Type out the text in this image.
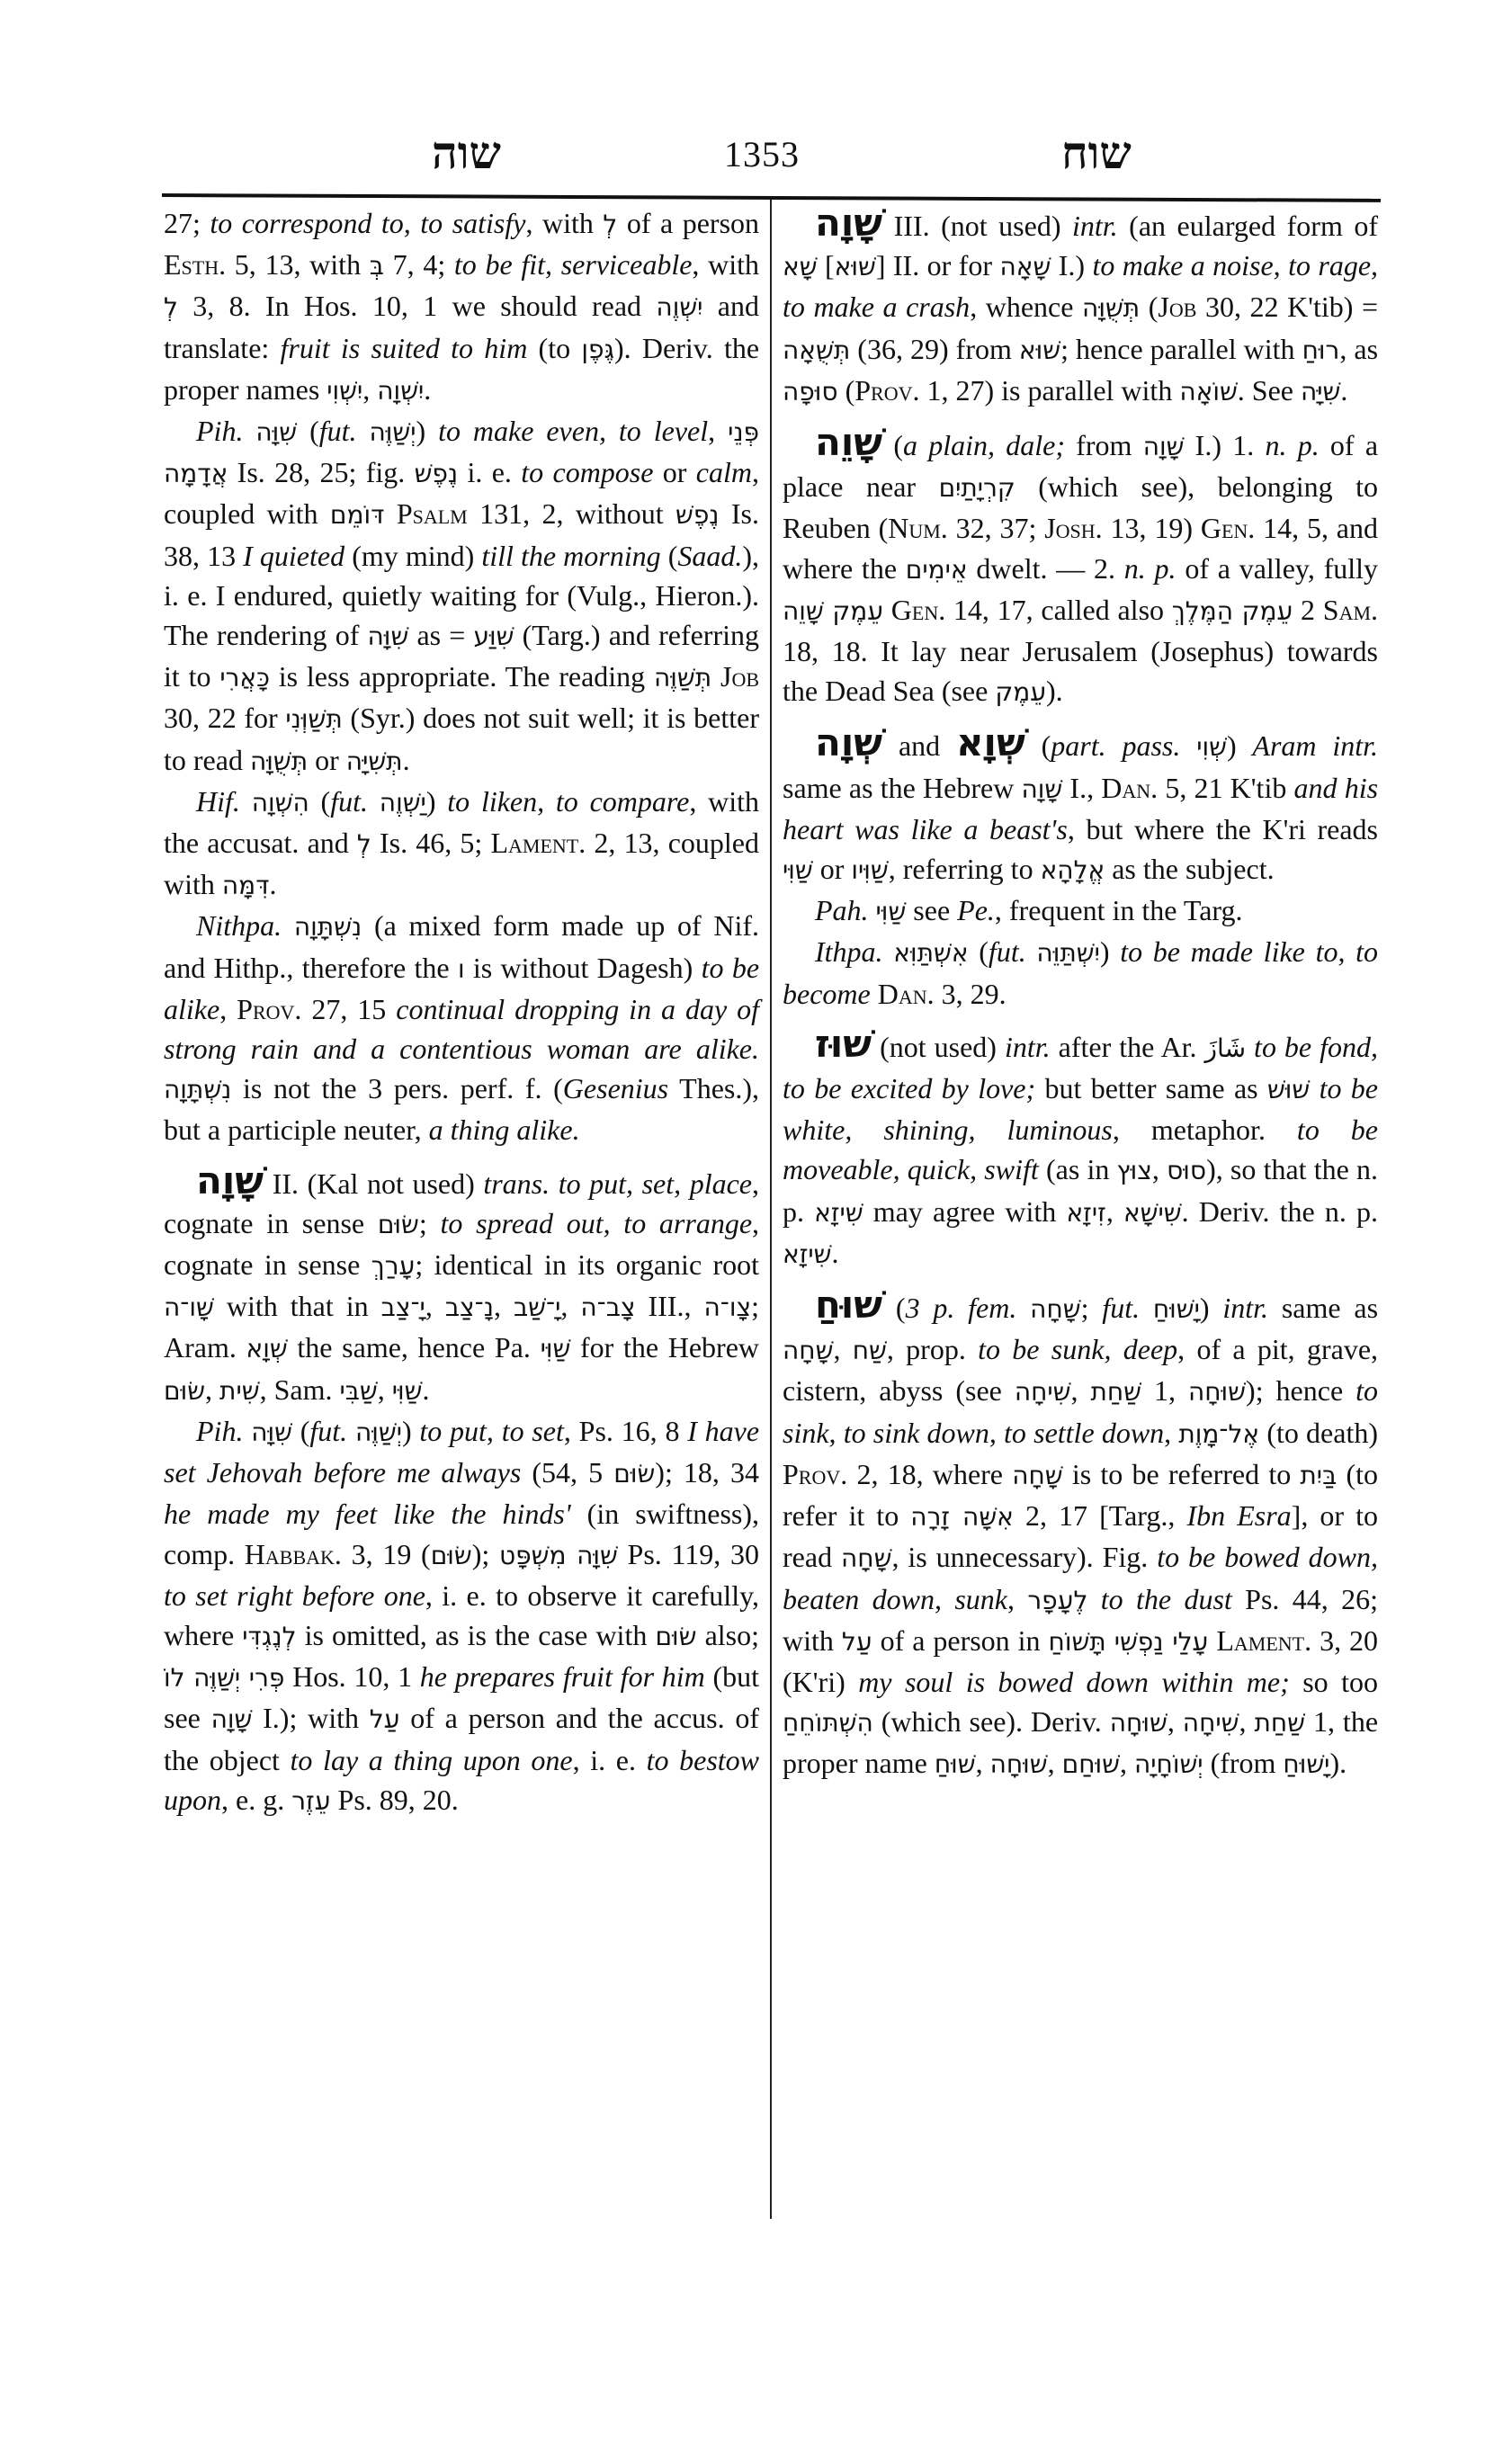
שוה	1353	שוח

27; to correspond to, to satisfy, with לְ of a person Esth. 5, 13, with בְּ 7, 4; to be fit, serviceable, with לְ 3, 8. In Hos. 10, 1 we should read יִשְׁוֶה and translate: fruit is suited to him (to גֶּפֶן). Deriv. the proper names יִשְׁוִי, יִשְׁוָה.

Pih. שִׁוָּה (fut. יְשַׁוֶּה) to make even, to level, פְּנֵי אֲדָמָה Is. 28, 25; fig. נֶפֶשׁ i. e. to compose or calm, coupled with דּוֹמֵם Psalm 131, 2, without נֶפֶשׁ Is. 38, 13 I quieted (my mind) till the morning (Saad.), i. e. I endured, quietly waiting for (Vulg., Hieron.). The rendering of שִׁוָּה as = שִׁוַּע (Targ.) and referring it to כָּאֲרִי is less appropriate. The reading תְּשַׁוֶּה Job 30, 22 for תְּשַׁוְּנִי (Syr.) does not suit well; it is better to read תְּשֻׁוָּה or תְּשִׁיָּה.

Hif. הִשְׁוָה (fut. יַשְׁוֶה) to liken, to compare, with the accusat. and לְ Is. 46, 5; Lament. 2, 13, coupled with דִּמָּה.

Nithpa. נִשְׁתָּוָה (a mixed form made up of Nif. and Hithp., therefore the ו is without Dagesh) to be alike, Prov. 27, 15 continual dropping in a day of strong rain and a contentious woman are alike. נִשְׁתָּוָה is not the 3 pers. perf. f. (Gesenius Thes.), but a participle neuter, a thing alike.

שָׁוָה II. (Kal not used) trans. to put, set, place, cognate in sense שׂוּם; to spread out, to arrange, cognate in sense עָרַךְ; identical in its organic root שָׁו־ה with that in יָ־צַב, נָ־צַב, יָ־שַׁב, צָב־ה III., צָו־ה; Aram. שְׁוָא the same, hence Pa. שַׁוִּי for the Hebrew שׂוּם, שִׁית, Sam. שַׁבִּי, שַׁוִּי.

Pih. שִׁוָּה (fut. יְשַׁוֶּה) to put, to set, Ps. 16, 8 I have set Jehovah before me always (54, 5 שׂוּם); 18, 34 he made my feet like the hinds' (in swiftness), comp. Habbak. 3, 19 (שׂוּם); שִׁוָּה מִשְׁפָּט Ps. 119, 30 to set right before one, i. e. to observe it carefully, where לְנֶגְדִּי is omitted, as is the case with שׂוּם also; פְּרִי יְשַׁוֶּה לוֹ Hos. 10, 1 he prepares fruit for him (but see שָׁוָה I.); with עַל of a person and the accus. of the object to lay a thing upon one, i. e. to bestow upon, e. g. עֵזֶר Ps. 89, 20.

שָׁוָה III. (not used) intr. (an eularged form of שָׁא [שׁוּא] II. or for שָׁאָה I.) to make a noise, to rage, to make a crash, whence תְּשֻׁוָּה (Job 30, 22 K'tib) = תְּשֻׁאָה (36, 29) from שׁוּא; hence parallel with רוּחַ, as סוּפָה (Prov. 1, 27) is parallel with שׁוֹאָה. See שִׁיָּה.

שָׁוֵה (a plain, dale; from שָׁוָה I.) 1. n. p. of a place near קִרְיָתַיִם (which see), belonging to Reuben (Num. 32, 37; Josh. 13, 19) Gen. 14, 5, and where the אֵימִים dwelt. — 2. n. p. of a valley, fully עֵמֶק שָׁוֵה Gen. 14, 17, called also עֵמֶק הַמֶּלֶךְ 2 Sam. 18, 18. It lay near Jerusalem (Josephus) towards the Dead Sea (see עֵמֶק).

שְׁוָה and שְׁוָא (part. pass. שְׁוִי) Aram intr. same as the Hebrew שָׁוָה I., Dan. 5, 21 K'tib and his heart was like a beast's, but where the K'ri reads שַׁוִּי or שַׁוִּיו, referring to אֱלָהָא as the subject.

Pah. שַׁוִּי see Pe., frequent in the Targ.

Ithpa. אִשְׁתַּוִּא (fut. יִשְׁתַּוֵּה) to be made like to, to become Dan. 3, 29.

שׁוּז (not used) intr. after the Ar. شَازَ to be fond, to be excited by love; but better same as שׁוּשׁ to be white, shining, luminous, metaphor. to be moveable, quick, swift (as in צוּץ, סוּס), so that the n. p. שִׁיזָא may agree with זִיזָא, שִׁישָׁא. Deriv. the n. p. שִׁיזָא.

שׁוּחַ (3 p. fem. שָׁחָה; fut. יָשׁוּחַ) intr. same as שָׁחָה, שַׁח, prop. to be sunk, deep, of a pit, grave, cistern, abyss (see שִׁיחָה, שַׁחַת 1, שׁוּחָה); hence to sink, to sink down, to settle down, אֶל־מָוֶת (to death) Prov. 2, 18, where שָׁחָה is to be referred to בַּיִת (to refer it to אִשָּׁה זָרָה 2, 17 [Targ., Ibn Esra], or to read שָׁחָה, is unnecessary). Fig. to be bowed down, beaten down, sunk, לֶעָפָר to the dust Ps. 44, 26; with עַל of a person in תָּשׁוֹחַ עָלַי נַפְשִׁי Lament. 3, 20 (K'ri) my soul is bowed down within me; so too הִשְׁתּוֹחֵחַ (which see). Deriv. שׁוּחָה, שִׁיחָה, שַׁחַת 1, the proper name שׁוּחַ, שׁוּחָה, שׁוּחַם, יְשׁוֹחָיָה (from יָשׁוּחַ).
